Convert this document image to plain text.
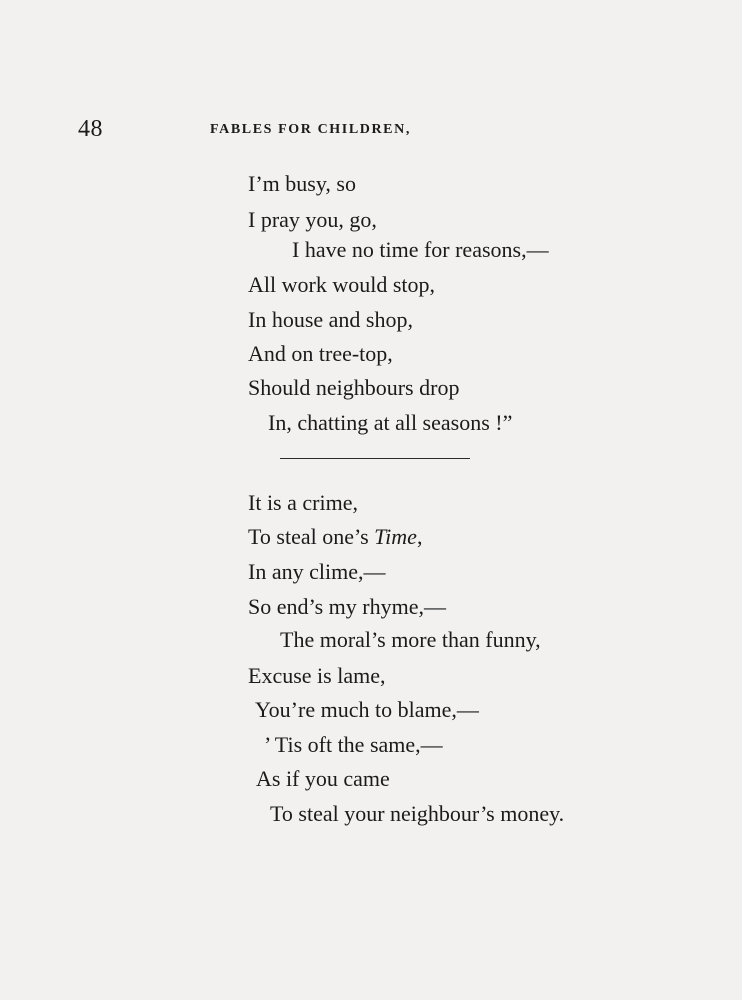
48	FABLES FOR CHILDREN,
I’m busy, so
I pray you, go,
I have no time for reasons,—
All work would stop,
In house and shop,
And on tree-top,
Should neighbours drop
In, chatting at all seasons !”
It is a crime,
To steal one’s Time,
In any clime,—
So end’s my rhyme,—
The moral’s more than funny,
Excuse is lame,
You’re much to blame,—
’ Tis oft the same,—
As if you came
To steal your neighbour’s money.
